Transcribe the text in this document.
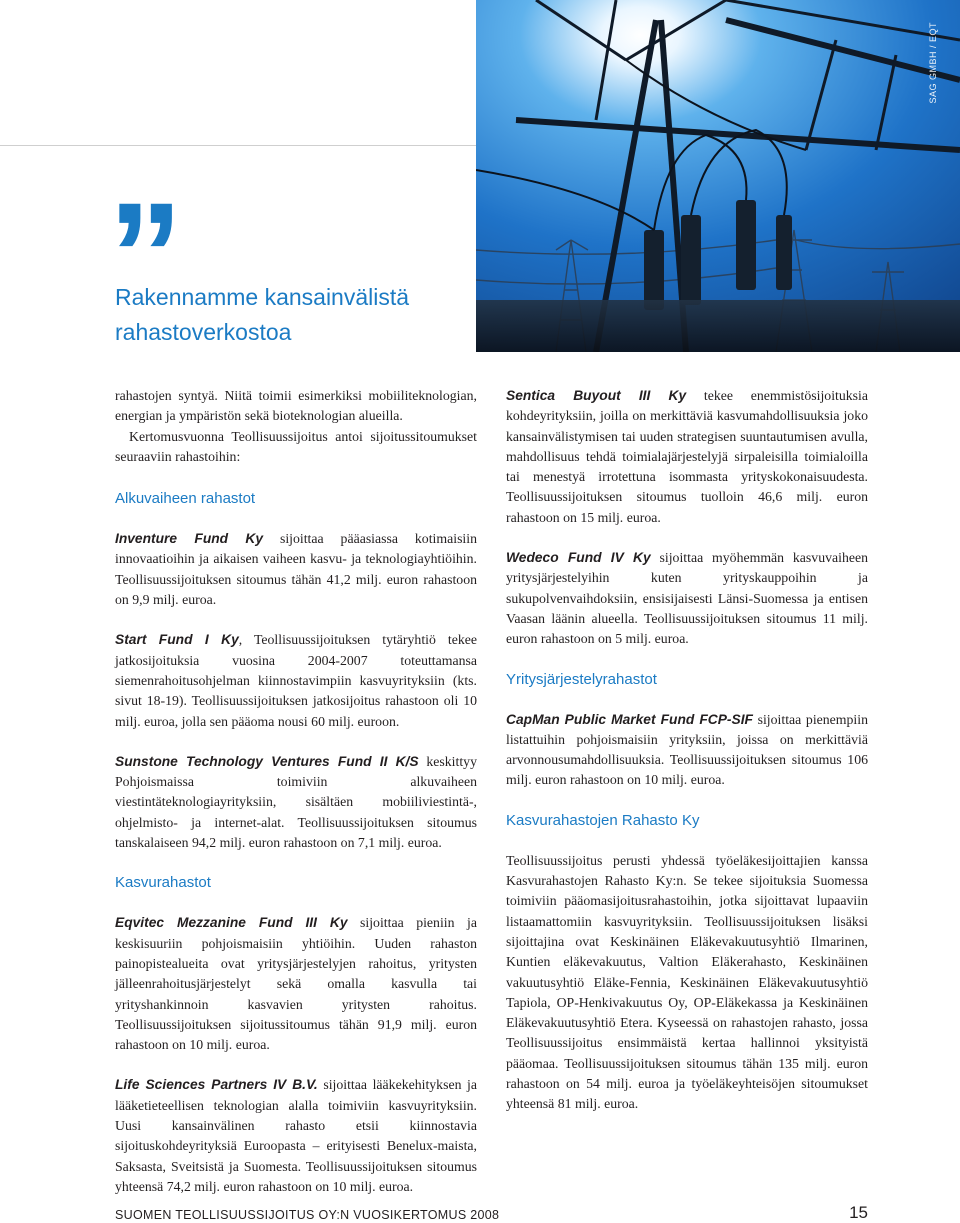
SAG GMBH / EQT
”
Rakennamme kansainvälistä
rahastoverkostoa

rahastojen syntyä. Niitä toimii esimerkiksi mobiiliteknologian, energian ja ympäristön sekä bioteknologian alueilla.

Kertomusvuonna Teollisuussijoitus antoi sijoitussitoumukset seuraaviin rahastoihin:

Alkuvaiheen rahastot

Inventure Fund Ky sijoittaa pääasiassa kotimaisiin innovaatioihin ja aikaisen vaiheen kasvu- ja teknologiayhtiöihin. Teollisuussijoituksen sitoumus tähän 41,2 milj. euron rahastoon on 9,9 milj. euroa.

Start Fund I Ky, Teollisuussijoituksen tytäryhtiö tekee jatkosijoituksia vuosina 2004-2007 toteuttamansa siemenrahoitusohjelman kiinnostavimpiin kasvuyrityksiin (kts. sivut 18-19). Teollisuussijoituksen jatkosijoitus rahastoon oli 10 milj. euroa, jolla sen pääoma nousi 60 milj. euroon.

Sunstone Technology Ventures Fund II K/S keskittyy Pohjoismaissa toimiviin alkuvaiheen viestintäteknologiayrityksiin, sisältäen mobiiliviestintä-, ohjelmisto- ja internet-alat. Teollisuussijoituksen sitoumus tanskalaiseen 94,2 milj. euron rahastoon on 7,1 milj. euroa.

Kasvurahastot

Eqvitec Mezzanine Fund III Ky sijoittaa pieniin ja keskisuuriin pohjoismaisiin yhtiöihin. Uuden rahaston painopistealueita ovat yritysjärjestelyjen rahoitus, yritysten jälleenrahoitusjärjestelyt sekä omalla kasvulla tai yrityshankinnoin kasvavien yritysten rahoitus. Teollisuussijoituksen sijoitussitoumus tähän 91,9 milj. euron rahastoon on 10 milj. euroa.

Life Sciences Partners IV B.V. sijoittaa lääkekehityksen ja lääketieteellisen teknologian alalla toimiviin kasvuyrityksiin. Uusi kansainvälinen rahasto etsii kiinnostavia sijoituskohdeyrityksiä Euroopasta – erityisesti Benelux-maista, Saksasta, Sveitsistä ja Suomesta. Teollisuussijoituksen sitoumus yhteensä 74,2 milj. euron rahastoon on 10 milj. euroa.

Sentica Buyout III Ky tekee enemmistösijoituksia kohdeyrityksiin, joilla on merkittäviä kasvumahdollisuuksia joko kansainvälistymisen tai uuden strategisen suuntautumisen avulla, mahdollisuus tehdä toimialajärjestelyjä sirpaleisilla toimialoilla tai menestyä irrotettuna isommasta yrityskokonaisuudesta. Teollisuussijoituksen sitoumus tuolloin 46,6 milj. euron rahastoon on 15 milj. euroa.

Wedeco Fund IV Ky sijoittaa myöhemmän kasvuvaiheen yritysjärjestelyihin kuten yrityskauppoihin ja sukupolvenvaihdoksiin, ensisijaisesti Länsi-Suomessa ja entisen Vaasan läänin alueella. Teollisuussijoituksen sitoumus 11 milj. euron rahastoon on 5 milj. euroa.

Yritysjärjestelyrahastot

CapMan Public Market Fund FCP-SIF sijoittaa pienempiin listattuihin pohjoismaisiin yrityksiin, joissa on merkittäviä arvonnousumahdollisuuksia. Teollisuussijoituksen sitoumus 106 milj. euron rahastoon on 10 milj. euroa.

Kasvurahastojen Rahasto Ky

Teollisuussijoitus perusti yhdessä työeläkesijoittajien kanssa Kasvurahastojen Rahasto Ky:n. Se tekee sijoituksia Suomessa toimiviin pääomasijoitusrahastoihin, jotka sijoittavat lupaaviin listaamattomiin kasvuyrityksiin. Teollisuussijoituksen lisäksi sijoittajina ovat Keskinäinen Eläkevakuutusyhtiö Ilmarinen, Kuntien eläkevakuutus, Valtion Eläkerahasto, Keskinäinen vakuutusyhtiö Eläke-Fennia, Keskinäinen Eläkevakuutusyhtiö Tapiola, OP-Henkivakuutus Oy, OP-Eläkekassa ja Keskinäinen Eläkevakuutusyhtiö Etera. Kyseessä on rahastojen rahasto, jossa Teollisuussijoitus ensimmäistä kertaa hallinnoi yksityistä pääomaa. Teollisuussijoituksen sitoumus tähän 135 milj. euron rahastoon on 54 milj. euroa ja työeläkeyhteisöjen sitoumukset yhteensä 81 milj. euroa.

SUOMEN TEOLLISUUSSIJOITUS OY:N VUOSIKERTOMUS 2008	15
